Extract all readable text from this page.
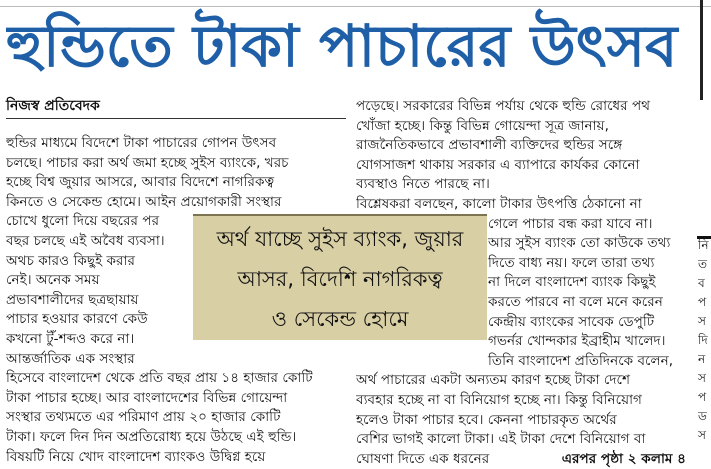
হুন্ডিতে টাকা পাচারের উৎসব
নিজস্ব প্রতিবেদক
হুন্ডির মাধ্যমে বিদেশে টাকা পাচারের গোপন উৎসব
চলছে। পাচার করা অর্থ জমা হচ্ছে সুইস ব্যাংকে, খরচ
হচ্ছে বিশ্ব জুয়ার আসরে, আবার বিদেশে নাগরিকত্ব
কিনতে ও সেকেন্ড হোমে। আইন প্রয়োগকারী সংস্থার
চোখে ধুলো দিয়ে বছরের পর
বছর চলছে এই অবৈধ ব্যবসা।
অথচ কারও কিছুই করার
নেই। অনেক সময়
প্রভাবশালীদের ছত্রছায়ায়
পাচার হওয়ার কারণে কেউ
কখনো টুঁ-শব্দও করে না।
আন্তর্জাতিক এক সংস্থার
হিসেবে বাংলাদেশ থেকে প্রতি বছর প্রায় ১৪ হাজার কোটি
টাকা পাচার হচ্ছে। আর বাংলাদেশের বিভিন্ন গোয়েন্দা
সংস্থার তথ্যমতে এর পরিমাণ প্রায় ২০ হাজার কোটি
টাকা। ফলে দিন দিন অপ্রতিরোধ্য হয়ে উঠছে এই হুন্ডি।
বিষয়টি নিয়ে খোদ বাংলাদেশ ব্যাংকও উদ্বিগ্ন হয়ে
পড়েছে। সরকারের বিভিন্ন পর্যায় থেকে হুন্ডি রোধের পথ
খোঁজা হচ্ছে। কিন্তু বিভিন্ন গোয়েন্দা সূত্র জানায়,
রাজনৈতিকভাবে প্রভাবশালী ব্যক্তিদের হুন্ডির সঙ্গে
যোগসাজশ থাকায় সরকার এ ব্যাপারে কার্যকর কোনো
ব্যবস্থাও নিতে পারছে না।
বিশ্লেষকরা বলছেন, কালো টাকার উৎপত্তি ঠেকানো না
গেলে পাচার বন্ধ করা যাবে না।
আর সুইস ব্যাংক তো কাউকে তথ্য
দিতে বাধ্য নয়। ফলে তারা তথ্য
না দিলে বাংলাদেশ ব্যাংক কিছুই
করতে পারবে না বলে মনে করেন
কেন্দ্রীয় ব্যাংকের সাবেক ডেপুটি
গভর্নর খোন্দকার ইব্রাহীম খালেদ।
তিনি বাংলাদেশ প্রতিদিনকে বলেন,
অর্থ পাচারের একটা অন্যতম কারণ হচ্ছে টাকা দেশে
ব্যবহার হচ্ছে না বা বিনিয়োগ হচ্ছে না। কিন্তু বিনিয়োগ
হলেও টাকা পাচার হবে। কেননা পাচারকৃত অর্থের
বেশির ভাগই কালো টাকা। এই টাকা দেশে বিনিয়োগ বা
ঘোষণা দিতে এক ধরনের	এরপর পৃষ্ঠা ২ কলাম ৪
অর্থ যাচ্ছে সুইস ব্যাংক, জুয়ার
আসর, বিদেশি নাগরিকত্ব
ও সেকেন্ড হোমে
নি
ত
ব
প
স
দি
ন
স
প
ড
স
